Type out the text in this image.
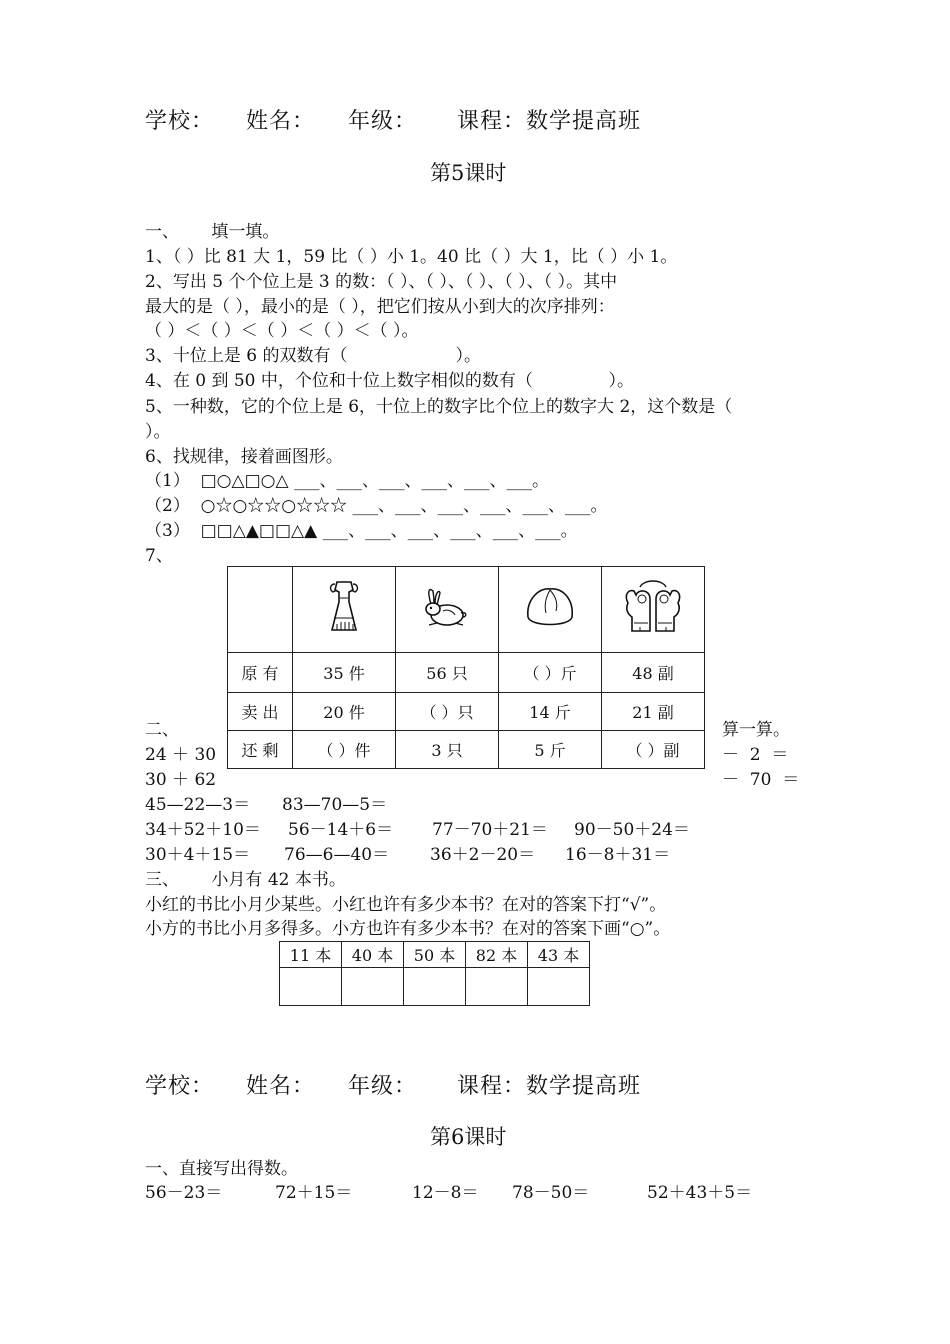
学校： 姓名： 年级： 课程：数学提高班
第5课时
一、      填一填。
1、（ ）比 81 大 1，59 比（ ）小 1。40 比（ ）大 1，比（ ）小 1。
2、写出 5 个个位上是 3 的数：（ ）、（ ）、（ ）、（ ）、（ ）。其中
最大的是（ ），最小的是（ ），把它们按从小到大的次序排列：
（ ）＜（ ）＜（ ）＜（ ）＜（ ）。
3、十位上是 6 的双数有（                    ）。
4、在 0 到 50 中，个位和十位上数字相似的数有（              ）。
5、一种数，它的个位上是 6，十位上的数字比个位上的数字大 2，这个数是（
）。
6、找规律，接着画图形。
（1）  □○△□○△ ___、___、___、___、___、___。
（2）  ○☆○☆☆○☆☆☆ ___、___、___、___、___、___。
（3）  □□△▲□□△▲ ___、___、___、___、___、___。
7、

原 有	35 件	56 只	（ ）斤	48 副
卖 出	20 件	（ ）只	14 斤	21 副
还 剩	（ ）件	3 只	5 斤	（ ）副
二、	算一算。
24 ＋ 30	－  2  ＝
30 ＋ 62	－  70  ＝
45—22—3＝ 83—70—5＝
34＋52＋10＝ 56－14＋6＝ 77－70＋21＝ 90－50＋24＝
30＋4＋15＝ 76—6—40＝ 36＋2－20＝ 16－8＋31＝
三、      小月有 42 本书。
小红的书比小月少某些。小红也许有多少本书？在对的答案下打“√”。
小方的书比小月多得多。小方也许有多少本书？在对的答案下画“○”。
11 本	40 本	50 本	82 本	43 本

学校： 姓名： 年级： 课程：数学提高班
第6课时
一、直接写出得数。
56－23＝	72＋15＝	12－8＝ 78－50＝	52＋43＋5＝
